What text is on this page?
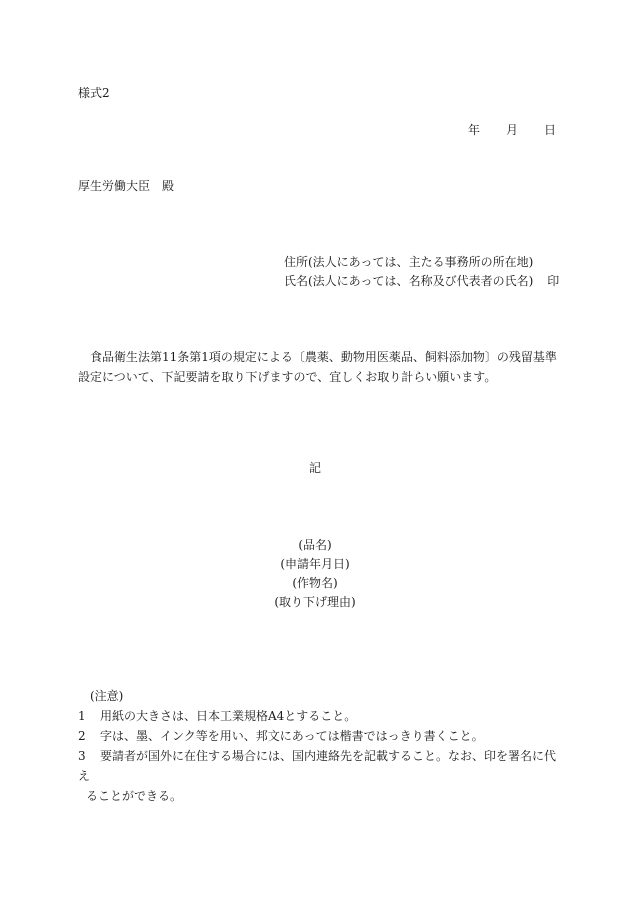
様式2
年 月 日
厚生労働大臣　殿
住所(法人にあっては、主たる事務所の所在地)
氏名(法人にあっては、名称及び代表者の氏名) 印
食品衛生法第11条第1項の規定による〔農薬、動物用医薬品、飼料添加物〕の残留基準設定について、下記要請を取り下げますので、宜しくお取り計らい願います。
記
(品名)
(申請年月日)
(作物名)
(取り下げ理由)
(注意)
1 用紙の大きさは、日本工業規格A4とすること。
2 字は、墨、インク等を用い、邦文にあっては楷書ではっきり書くこと。
3 要請者が国外に在住する場合には、国内連絡先を記載すること。なお、印を署名に代え
ることができる。
